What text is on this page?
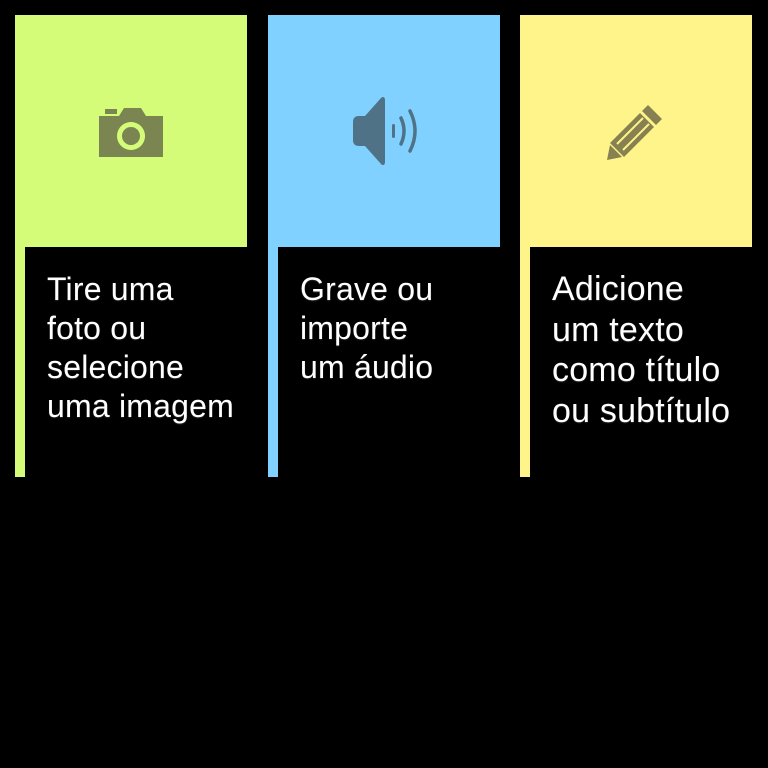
Tire uma
foto ou
selecione
uma imagem

Grave ou
importe
um áudio

Adicione
um texto
como título
ou subtítulo
